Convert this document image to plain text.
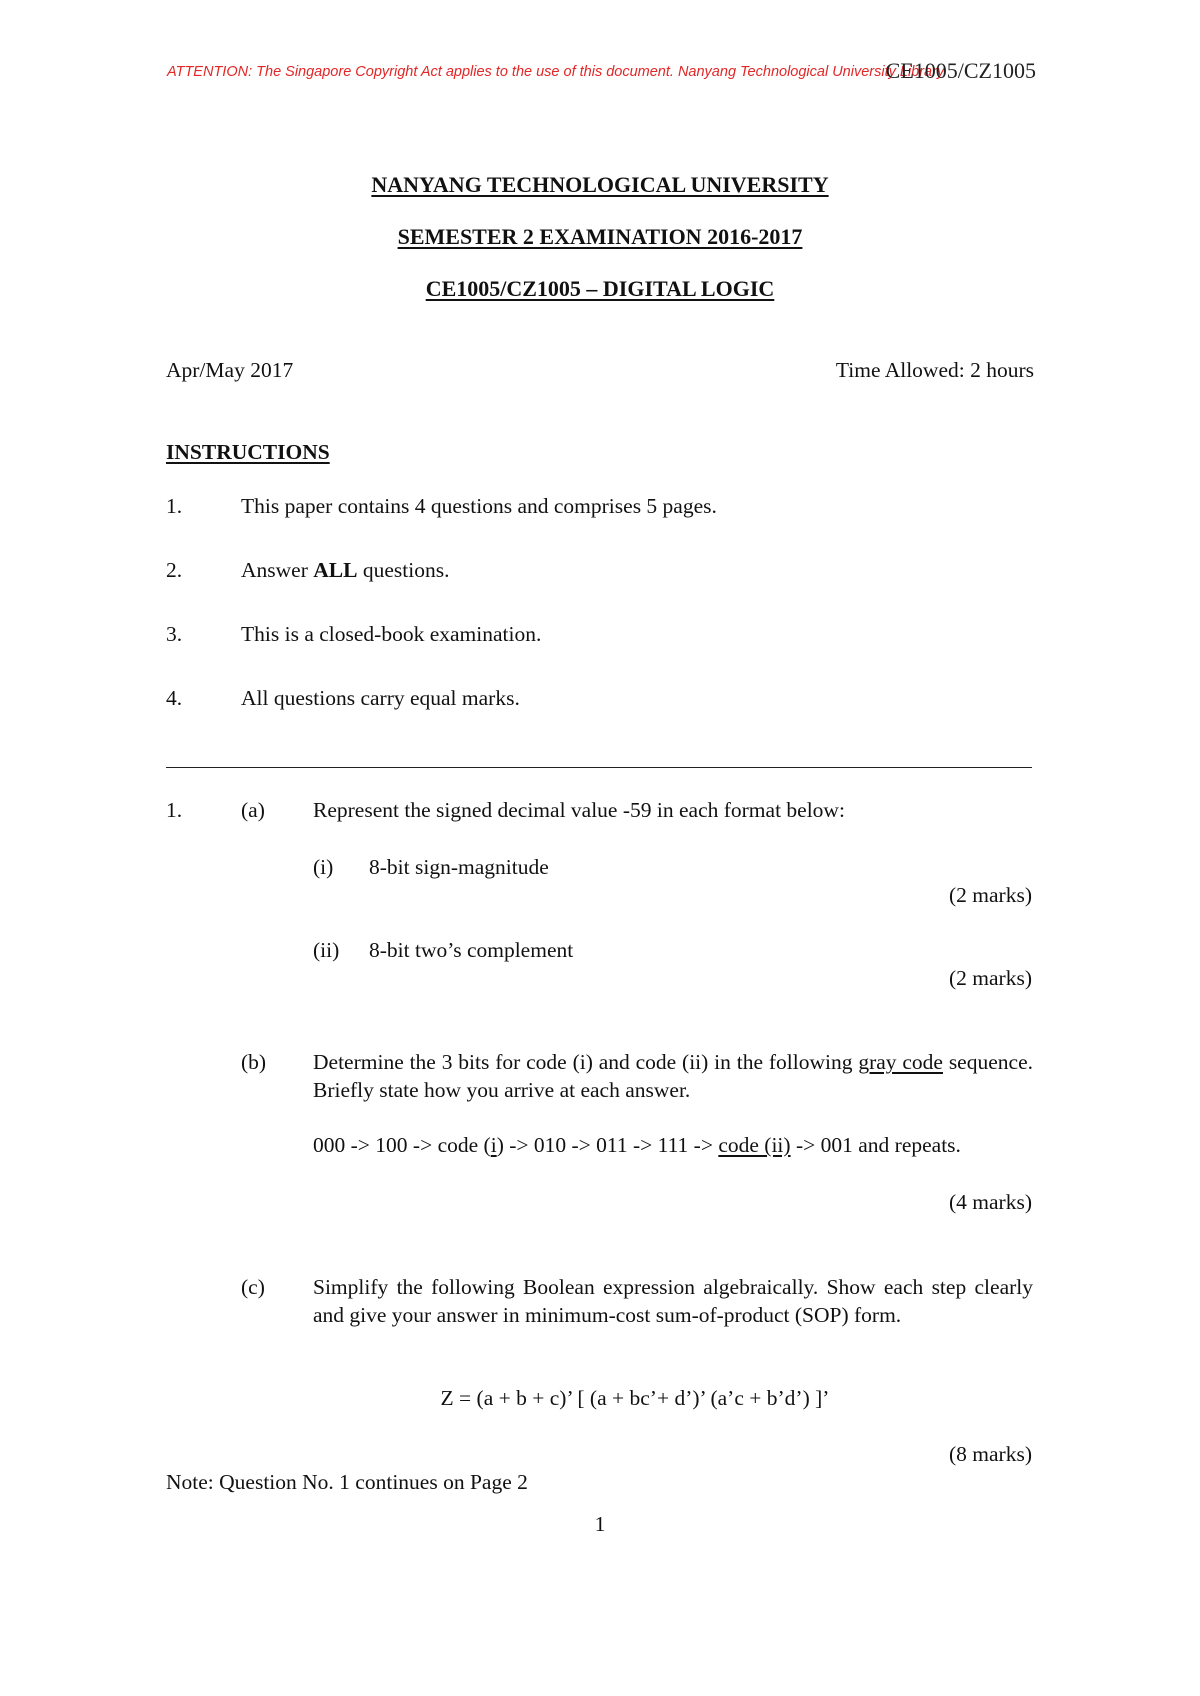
ATTENTION: The Singapore Copyright Act applies to the use of this document. Nanyang Technological University Library
CE1005/CZ1005
NANYANG TECHNOLOGICAL UNIVERSITY
SEMESTER 2 EXAMINATION 2016-2017
CE1005/CZ1005 – DIGITAL LOGIC
Apr/May 2017	Time Allowed: 2 hours
INSTRUCTIONS
1.	This paper contains 4 questions and comprises 5 pages.
2.	Answer ALL questions.
3.	This is a closed-book examination.
4.	All questions carry equal marks.
1.	(a) Represent the signed decimal value -59 in each format below:
(i) 8-bit sign-magnitude
(2 marks)
(ii) 8-bit two’s complement
(2 marks)
(b) Determine the 3 bits for code (i) and code (ii) in the following gray code sequence. Briefly state how you arrive at each answer.
000 -> 100 -> code (i) -> 010 -> 011 -> 111 -> code (ii) -> 001 and repeats.
(4 marks)
(c) Simplify the following Boolean expression algebraically. Show each step clearly and give your answer in minimum-cost sum-of-product (SOP) form.
Z = (a + b + c)’ [ (a + bc’+ d’)’ (a’c + b’d’) ]’
(8 marks)
Note: Question No. 1 continues on Page 2
1
